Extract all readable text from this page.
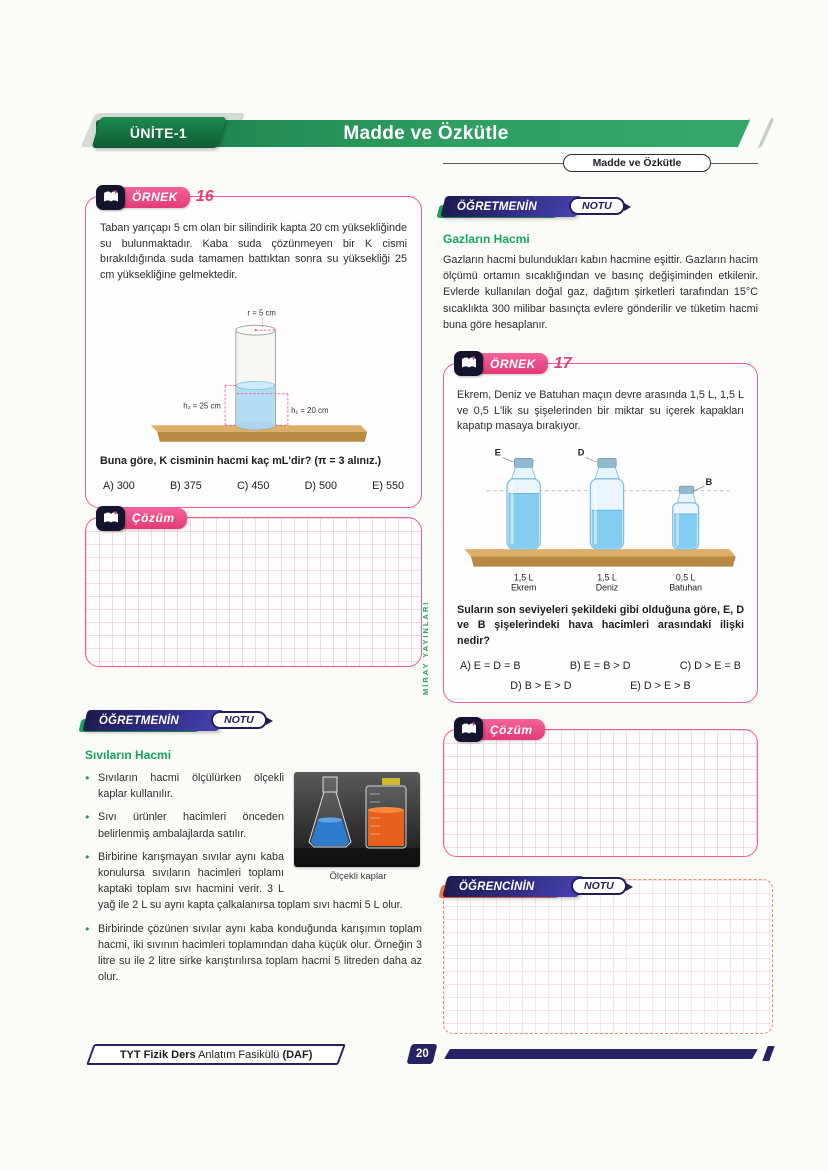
Madde ve Özkütle
ÜNİTE-1
Madde ve Özkütle
ÖRNEK	16
Taban yarıçapı 5 cm olan bir silindirik kapta 20 cm yüksekliğinde su bulunmaktadır. Kaba suda çözünmeyen bir K cismi bırakıldığında suda tamamen battıktan sonra su yüksekliği 25 cm yüksekliğine gelmektedir.
r = 5 cm
h₂ = 25 cm	h₁ = 20 cm
Buna göre, K cisminin hacmi kaç mL'dir? (π = 3 alınız.)
A) 300	B) 375	C) 450	D) 500	E) 550
Çözüm
ÖĞRETMENİN	NOTU
Sıvıların Hacmi
Ölçekli kaplar
● Sıvıların hacmi ölçülürken ölçekli kaplar kullanılır.
● Sıvı ürünler hacimleri önceden belirlenmiş ambalajlarda satılır.
● Birbirine karışmayan sıvılar aynı kaba konulursa sıvıların hacimleri toplamı kaptaki toplam sıvı hacmini verir. 3 L yağ ile 2 L su aynı kapta çalkalanırsa toplam sıvı hacmi 5 L olur.
● Birbirinde çözünen sıvılar aynı kaba konduğunda karışımın toplam hacmi, iki sıvının hacimleri toplamından daha küçük olur. Örneğin 3 litre su ile 2 litre sirke karıştırılırsa toplam hacmi 5 litreden daha az olur.
ÖĞRETMENİN	NOTU
Gazların Hacmi
Gazların hacmi bulundukları kabın hacmine eşittir. Gazların hacim ölçümü ortamın sıcaklığından ve basınç değişiminden etkilenir. Evlerde kullanılan doğal gaz, dağıtım şirketleri tarafından 15°C sıcaklıkta 300 milibar basınçta evlere gönderilir ve tüketim hacmi buna göre hesaplanır.
ÖRNEK	17
Ekrem, Deniz ve Batuhan maçın devre arasında 1,5 L, 1,5 L ve 0,5 L'lik su şişelerinden bir miktar su içerek kapakları kapatıp masaya bırakıyor.
E	D
B
1,5 L
Ekrem
1,5 L
Deniz
0,5 L
Batuhan
Suların son seviyeleri şekildeki gibi olduğuna göre, E, D ve B şişelerindeki hava hacimleri arasındaki ilişki nedir?
A) E = D = B	B) E = B > D	C) D > E = B
D) B > E > D	E) D > E > B
Çözüm
ÖĞRENCİNİN	NOTU
MİRAY YAYINLARI
TYT Fizik Ders Anlatım Fasikülü (DAF)	20
